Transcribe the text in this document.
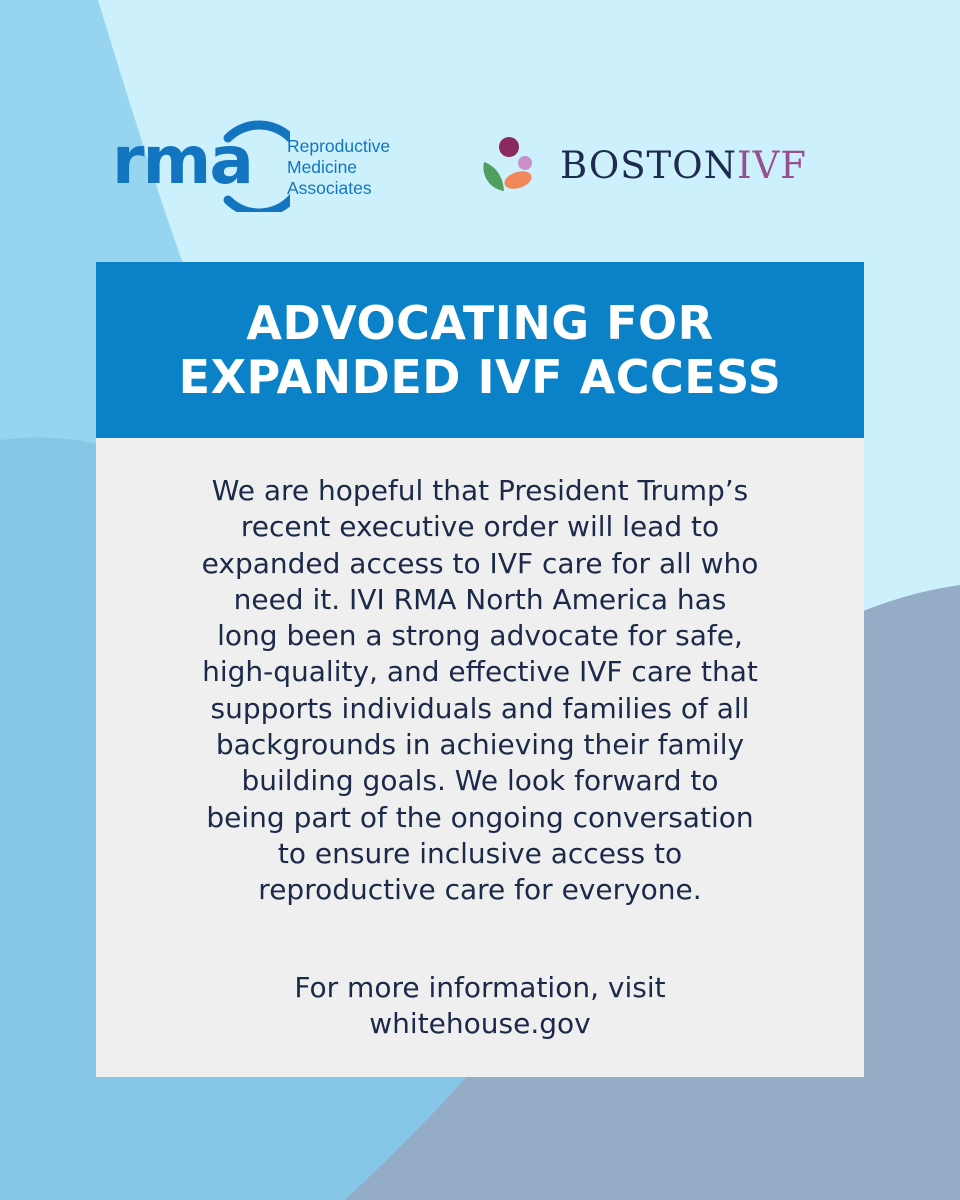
rma Reproductive
Medicine
Associates
BOSTONIVF
ADVOCATING FOR
EXPANDED IVF ACCESS
We are hopeful that President Trump’s
recent executive order will lead to
expanded access to IVF care for all who
need it. IVI RMA North America has
long been a strong advocate for safe,
high-quality, and effective IVF care that
supports individuals and families of all
backgrounds in achieving their family
building goals. We look forward to
being part of the ongoing conversation
to ensure inclusive access to
reproductive care for everyone.
For more information, visit
whitehouse.gov
